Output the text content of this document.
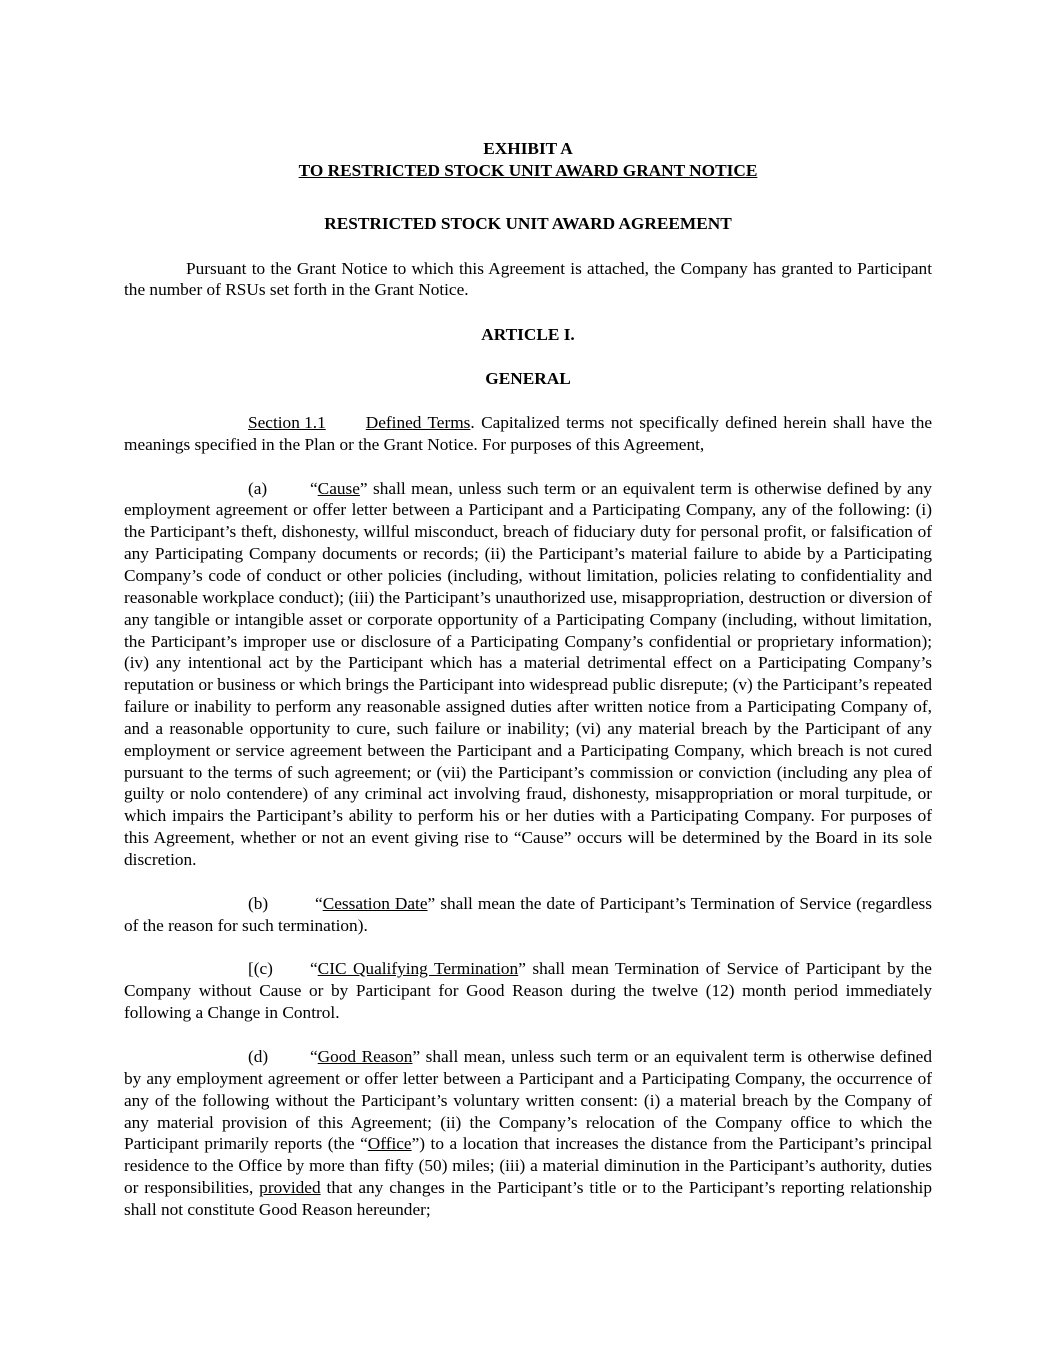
EXHIBIT A

TO RESTRICTED STOCK UNIT AWARD GRANT NOTICE

RESTRICTED STOCK UNIT AWARD AGREEMENT

Pursuant to the Grant Notice to which this Agreement is attached, the Company has granted to Participant the number of RSUs set forth in the Grant Notice.

ARTICLE I.

GENERAL

Section 1.1 Defined Terms. Capitalized terms not specifically defined herein shall have the meanings specified in the Plan or the Grant Notice. For purposes of this Agreement,

(a) “Cause” shall mean, unless such term or an equivalent term is otherwise defined by any employment agreement or offer letter between a Participant and a Participating Company, any of the following: (i) the Participant’s theft, dishonesty, willful misconduct, breach of fiduciary duty for personal profit, or falsification of any Participating Company documents or records; (ii) the Participant’s material failure to abide by a Participating Company’s code of conduct or other policies (including, without limitation, policies relating to confidentiality and reasonable workplace conduct); (iii) the Participant’s unauthorized use, misappropriation, destruction or diversion of any tangible or intangible asset or corporate opportunity of a Participating Company (including, without limitation, the Participant’s improper use or disclosure of a Participating Company’s confidential or proprietary information); (iv) any intentional act by the Participant which has a material detrimental effect on a Participating Company’s reputation or business or which brings the Participant into widespread public disrepute; (v) the Participant’s repeated failure or inability to perform any reasonable assigned duties after written notice from a Participating Company of, and a reasonable opportunity to cure, such failure or inability; (vi) any material breach by the Participant of any employment or service agreement between the Participant and a Participating Company, which breach is not cured pursuant to the terms of such agreement; or (vii) the Participant’s commission or conviction (including any plea of guilty or nolo contendere) of any criminal act involving fraud, dishonesty, misappropriation or moral turpitude, or which impairs the Participant’s ability to perform his or her duties with a Participating Company. For purposes of this Agreement, whether or not an event giving rise to “Cause” occurs will be determined by the Board in its sole discretion.

(b) “Cessation Date” shall mean the date of Participant’s Termination of Service (regardless of the reason for such termination).

[(c) “CIC Qualifying Termination” shall mean Termination of Service of Participant by the Company without Cause or by Participant for Good Reason during the twelve (12) month period immediately following a Change in Control.

(d) “Good Reason” shall mean, unless such term or an equivalent term is otherwise defined by any employment agreement or offer letter between a Participant and a Participating Company, the occurrence of any of the following without the Participant’s voluntary written consent: (i) a material breach by the Company of any material provision of this Agreement; (ii) the Company’s relocation of the Company office to which the Participant primarily reports (the “Office”) to a location that increases the distance from the Participant’s principal residence to the Office by more than fifty (50) miles; (iii) a material diminution in the Participant’s authority, duties or responsibilities, provided that any changes in the Participant’s title or to the Participant’s reporting relationship shall not constitute Good Reason hereunder;
